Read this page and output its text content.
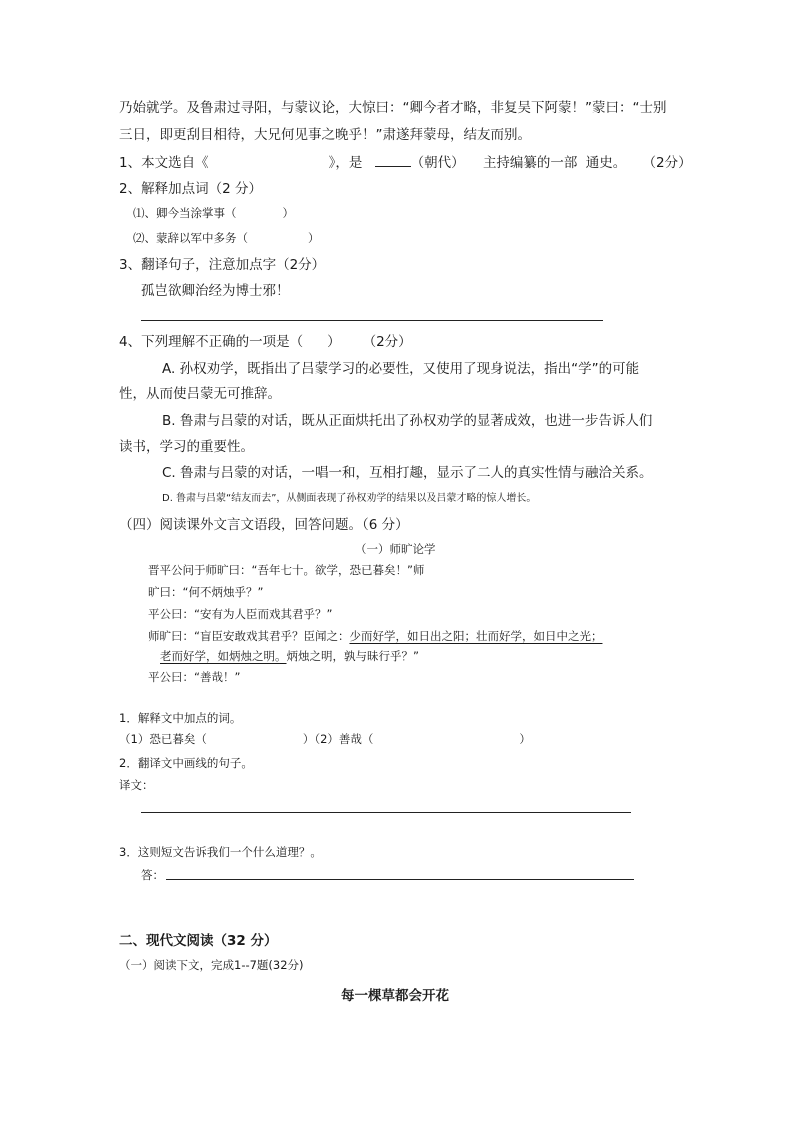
乃始就学。及鲁肃过寻阳，与蒙议论，大惊曰：“卿今者才略，非复吴下阿蒙！”蒙曰：“士别
三日，即更刮目相待，大兄何见事之晚乎！”肃遂拜蒙母，结友而别。
1、本文选自《	》，是	（朝代） 主持编纂的一部 通史。 （2分）
2、解释加点词（2 分）
⑴、卿今当涂掌事（	）
⑵、蒙辞以军中多务（	）
3、翻译句子，注意加点字（2分）
孤岂欲卿治经为博士邪！
4、下列理解不正确的一项是（ ） （2分）
A. 孙权劝学，既指出了吕蒙学习的必要性，又使用了现身说法，指出“学”的可能
性，从而使吕蒙无可推辞。
B. 鲁肃与吕蒙的对话，既从正面烘托出了孙权劝学的显著成效，也进一步告诉人们
读书，学习的重要性。
C. 鲁肃与吕蒙的对话，一唱一和，互相打趣，显示了二人的真实性情与融洽关系。
D. 鲁肃与吕蒙“结友而去”，从侧面表现了孙权劝学的结果以及吕蒙才略的惊人增长。
（四）阅读课外文言文语段，回答问题。（6 分）
（一）师旷论学
晋平公问于师旷曰：“吾年七十。欲学，恐已暮矣！”师
旷曰：“何不炳烛乎？”
平公曰：“安有为人臣而戏其君乎？”
师旷曰：“盲臣安敢戏其君乎？臣闻之：少而好学，如日出之阳；壮而好学，如日中之光；
老而好学，如炳烛之明。炳烛之明，孰与昧行乎？”
平公曰：“善哉！”
1．解释文中加点的词。
（1）恐已暮矣（	）（2）善哉（	）
2．翻译文中画线的句子。
译文：
3．这则短文告诉我们一个什么道理？。
答：
二、现代文阅读（32 分）
（一）阅读下文，完成1--7题(32分)
每一棵草都会开花
